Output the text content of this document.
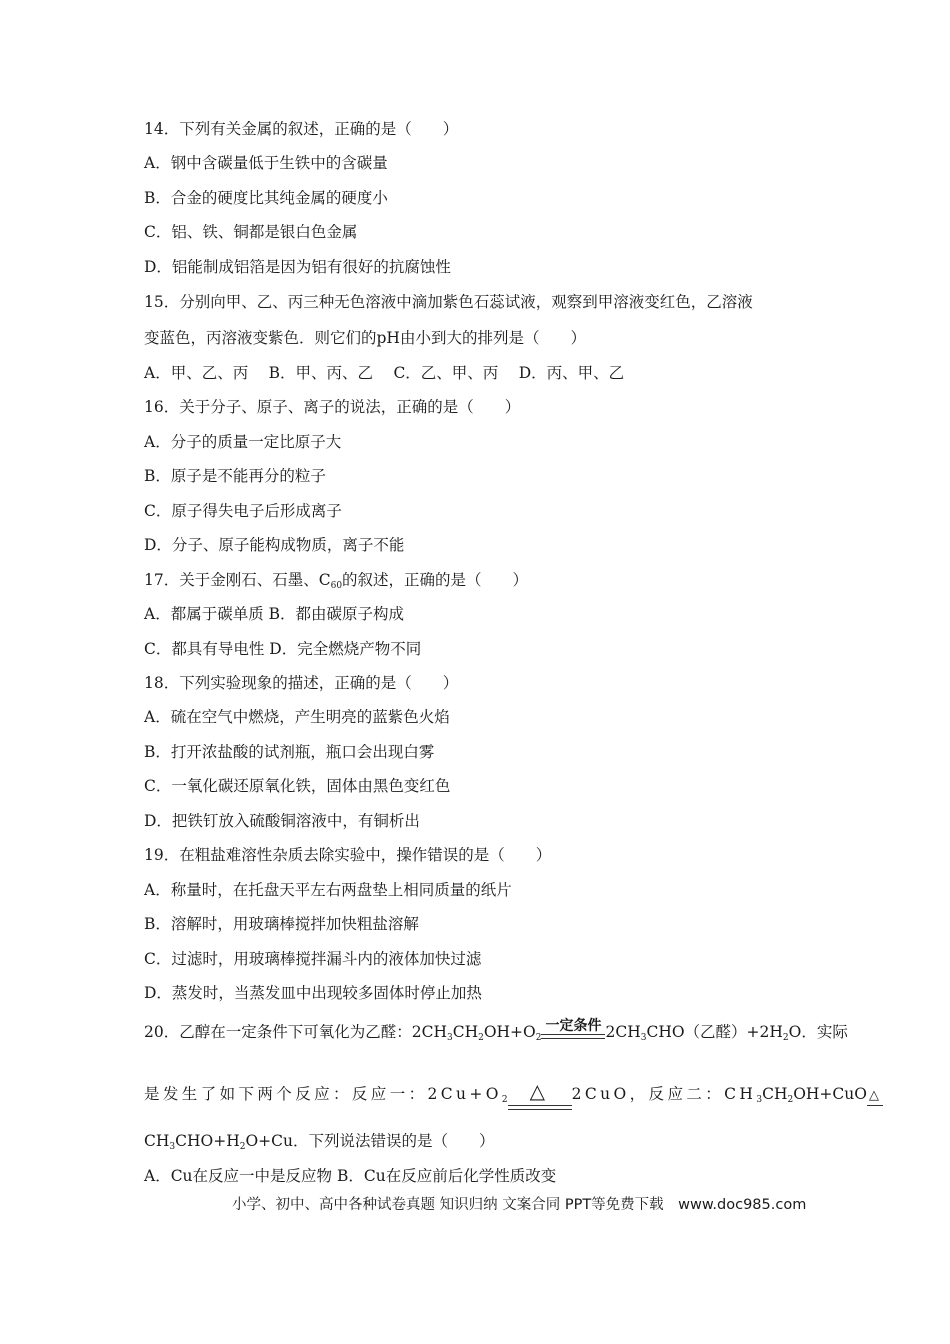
14．下列有关金属的叙述，正确的是（　　）
A．钢中含碳量低于生铁中的含碳量
B．合金的硬度比其纯金属的硬度小
C．铝、铁、铜都是银白色金属
D．铝能制成铝箔是因为铝有很好的抗腐蚀性
15．分别向甲、乙、丙三种无色溶液中滴加紫色石蕊试液，观察到甲溶液变红色，乙溶液
变蓝色，丙溶液变紫色．则它们的pH由小到大的排列是（　　）
A．甲、乙、丙　 B．甲、丙、乙　 C．乙、甲、丙　 D．丙、甲、乙
16．关于分子、原子、离子的说法，正确的是（　　）
A．分子的质量一定比原子大
B．原子是不能再分的粒子
C．原子得失电子后形成离子
D．分子、原子能构成物质，离子不能
17．关于金刚石、石墨、$C_{60}$的叙述，正确的是（　　）
A．都属于碳单质 B．都由碳原子构成
C．都具有导电性 D．完全燃烧产物不同
18．下列实验现象的描述，正确的是（　　）
A．硫在空气中燃烧，产生明亮的蓝紫色火焰
B．打开浓盐酸的试剂瓶，瓶口会出现白雾
C．一氧化碳还原氧化铁，固体由黑色变红色
D．把铁钉放入硫酸铜溶液中，有铜析出
19．在粗盐难溶性杂质去除实验中，操作错误的是（　　）
A．称量时，在托盘天平左右两盘垫上相同质量的纸片
B．溶解时，用玻璃棒搅拌加快粗盐溶解
C．过滤时，用玻璃棒搅拌漏斗内的液体加快过滤
D．蒸发时，当蒸发皿中出现较多固体时停止加热
20．乙醇在一定条件下可氧化为乙醛：$2CH_3CH_2OH+O_2$
一定条件 $2CH_3CHO$（乙醛）$+2H_2O$．实际
是发生了如下两个反应：反应一：$2Cu+O_2$ △ 2CuO，反应二：$CH_3CH_2OH+CuO$ △
$CH_3CHO+H_2O+Cu$．下列说法错误的是（　　）
A．Cu在反应一中是反应物 B．Cu在反应前后化学性质改变
小学、初中、高中各种试卷真题 知识归纳 文案合同 PPT等免费下载　www.doc985.com
